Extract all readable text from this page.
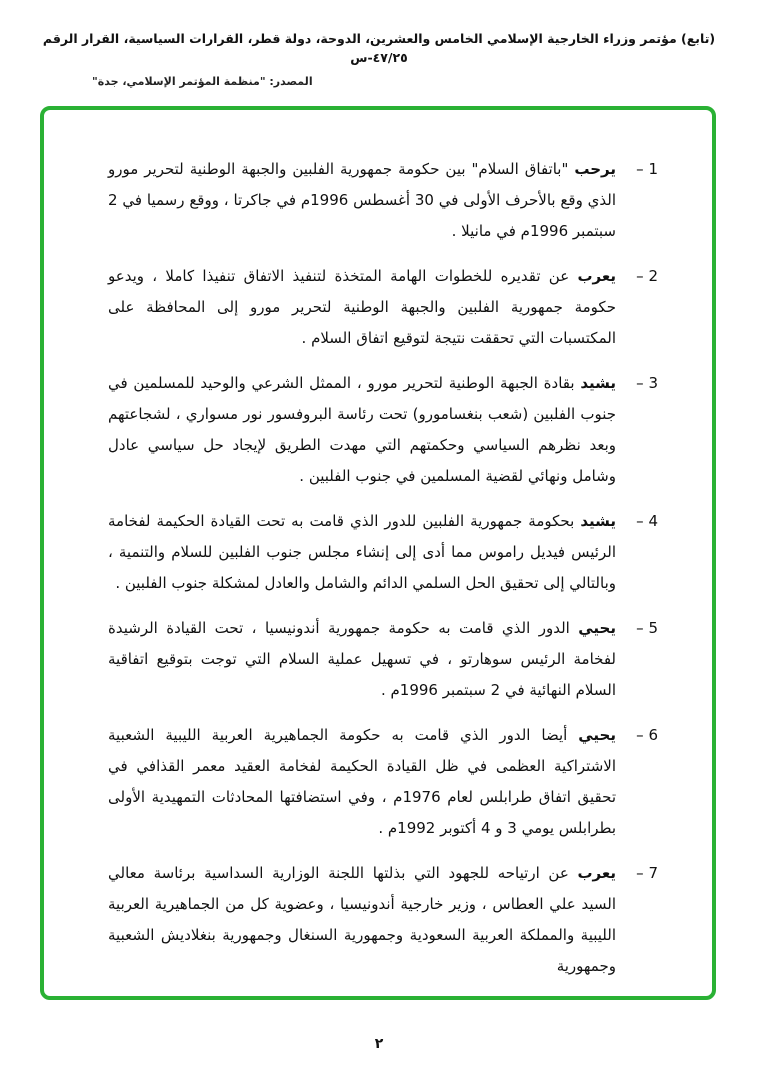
(تابع) مؤتمر وزراء الخارجية الإسلامي الخامس والعشرين، الدوحة، دولة قطر، القرارات السياسية، القرار الرقم ٤٧/٢٥-س
المصدر: "منظمة المؤتمر الإسلامي، جدة"
1 –
يرحب "باتفاق السلام" بين حكومة جمهورية الفلبين والجبهة الوطنية لتحرير مورو الذي وقع بالأحرف الأولى في 30 أغسطس 1996م في جاكرتا ، ووقع رسميا في 2 سبتمبر 1996م في مانيلا .
2 –
يعرب عن تقديره للخطوات الهامة المتخذة لتنفيذ الاتفاق تنفيذا كاملا ، ويدعو حكومة جمهورية الفلبين والجبهة الوطنية لتحرير مورو إلى المحافظة على المكتسبات التي تحققت نتيجة لتوقيع اتفاق السلام .
3 –
يشيد بقادة الجبهة الوطنية لتحرير مورو ، الممثل الشرعي والوحيد للمسلمين في جنوب الفلبين (شعب بنغسامورو) تحت رئاسة البروفسور نور مسواري ، لشجاعتهم وبعد نظرهم السياسي وحكمتهم التي مهدت الطريق لإيجاد حل سياسي عادل وشامل ونهائي لقضية المسلمين في جنوب الفلبين .
4 –
يشيد بحكومة جمهورية الفلبين للدور الذي قامت به تحت القيادة الحكيمة لفخامة الرئيس فيديل راموس مما أدى إلى إنشاء مجلس جنوب الفلبين للسلام والتنمية ، وبالتالي إلى تحقيق الحل السلمي الدائم والشامل والعادل لمشكلة جنوب الفلبين .
5 –
يحيي الدور الذي قامت به حكومة جمهورية أندونيسيا ، تحت القيادة الرشيدة لفخامة الرئيس سوهارتو ، في تسهيل عملية السلام التي توجت بتوقيع اتفاقية السلام النهائية في 2 سبتمبر 1996م .
6 –
يحيي أيضا الدور الذي قامت به حكومة الجماهيرية العربية الليبية الشعبية الاشتراكية العظمى في ظل القيادة الحكيمة لفخامة العقيد معمر القذافي في تحقيق اتفاق طرابلس لعام 1976م ، وفي استضافتها المحادثات التمهيدية الأولى بطرابلس يومي 3 و 4 أكتوبر 1992م .
7 –
يعرب عن ارتياحه للجهود التي بذلتها اللجنة الوزارية السداسية برئاسة معالي السيد علي العطاس ، وزير خارجية أندونيسيا ، وعضوية كل من الجماهيرية العربية الليبية والمملكة العربية السعودية وجمهورية السنغال وجمهورية بنغلاديش الشعبية وجمهورية
٢
